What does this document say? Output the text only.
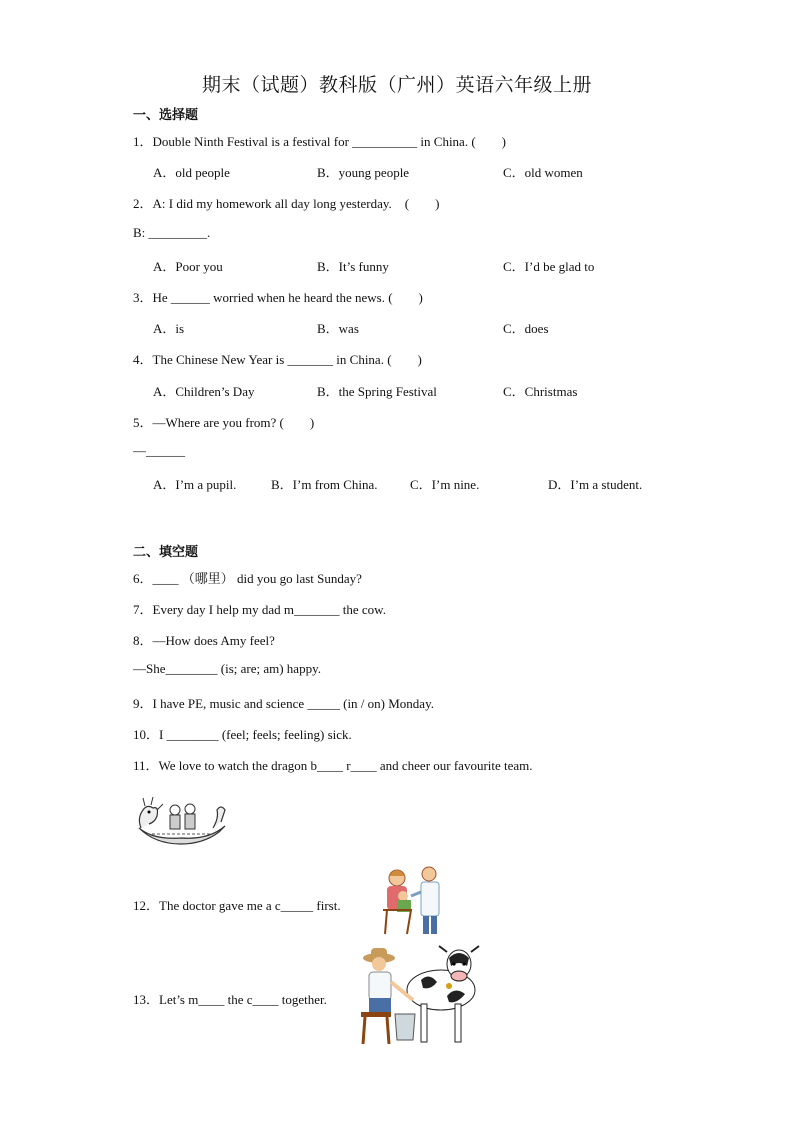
期末（试题）教科版（广州）英语六年级上册
一、选择题
1．Double Ninth Festival is a festival for __________ in China. (　　)
A．old people	B．young people	C．old women
2．A: I did my homework all day long yesterday.　(　　)
B: _________.
A．Poor you	B．It’s funny	C．I’d be glad to
3．He ______ worried when he heard the news. (　　)
A．is	B．was	C．does
4．The Chinese New Year is _______ in China. (　　)
A．Children’s Day	B．the Spring Festival	C．Christmas
5．—Where are you from? (　　)
—______
A．I’m a pupil.	B．I’m from China. C．I’m nine.	D．I’m a student.
二、填空题
6．____ （哪里） did you go last Sunday?
7．Every day I help my dad m_______ the cow.
8．—How does Amy feel?
—She________ (is; are; am) happy.
9．I have PE, music and science _____ (in / on) Monday.
10．I ________ (feel; feels; feeling) sick.
11．We love to watch the dragon b____ r____ and cheer our favourite team.
12．The doctor gave me a c_____ first.
13．Let’s m____ the c____ together.
